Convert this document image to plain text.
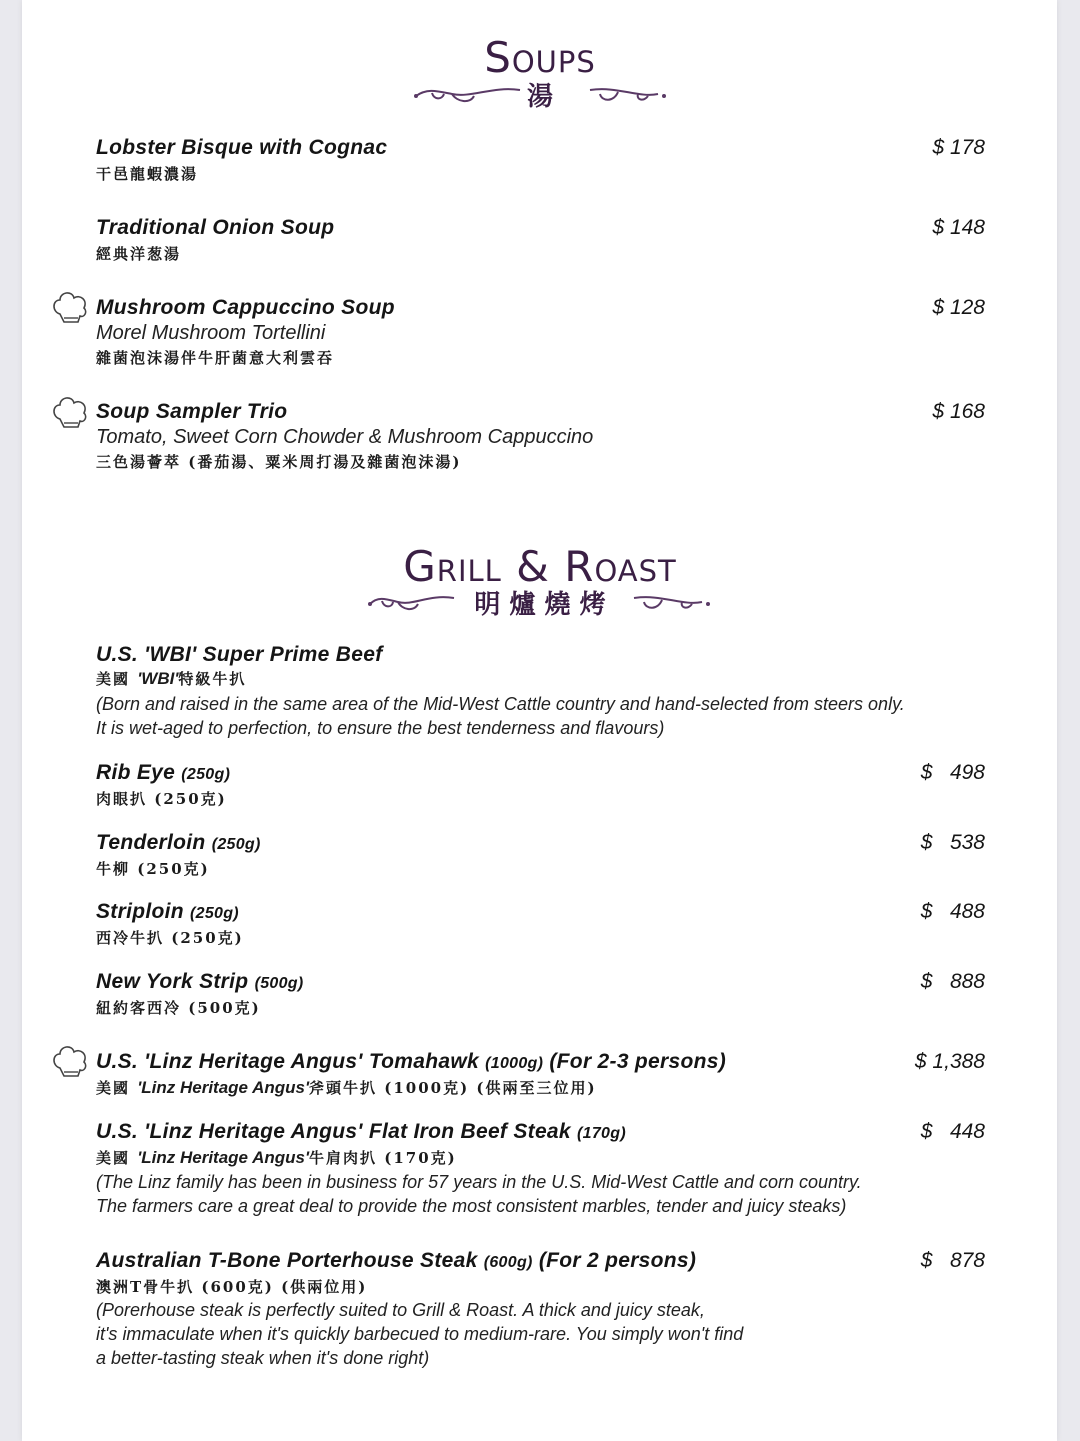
Soups
湯
Lobster Bisque with Cognac
干邑龍蝦濃湯
$ 178
Traditional Onion Soup
經典洋葱湯
$ 148
Mushroom Cappuccino Soup
Morel Mushroom Tortellini
雜菌泡沫湯伴牛肝菌意大利雲吞
$ 128
Soup Sampler Trio
Tomato, Sweet Corn Chowder & Mushroom Cappuccino
三色湯薈萃 (番茄湯、粟米周打湯及雜菌泡沫湯)
$ 168
Grill & Roast
明 爐 燒 烤
U.S. 'WBI' Super Prime Beef
美國 'WBI'特級牛扒
(Born and raised in the same area of the Mid-West Cattle country and hand-selected from steers only.
It is wet-aged to perfection, to ensure the best tenderness and flavours)
Rib Eye (250g)
肉眼扒 (250克)
$   498
Tenderloin (250g)
牛柳 (250克)
$   538
Striploin (250g)
西冷牛扒 (250克)
$   488
New York Strip (500g)
紐約客西冷 (500克)
$   888
U.S. 'Linz Heritage Angus' Tomahawk (1000g) (For 2-3 persons)
美國 'Linz Heritage Angus'斧頭牛扒 (1000克) (供兩至三位用)
$ 1,388
U.S. 'Linz Heritage Angus' Flat Iron Beef Steak (170g)
美國 'Linz Heritage Angus'牛肩肉扒 (170克)
(The Linz family has been in business for 57 years in the U.S. Mid-West Cattle and corn country.
The farmers care a great deal to provide the most consistent marbles, tender and juicy steaks)
$   448
Australian T-Bone Porterhouse Steak (600g) (For 2 persons)
澳洲T骨牛扒 (600克) (供兩位用)
(Porerhouse steak is perfectly suited to Grill & Roast. A thick and juicy steak,
it's immaculate when it's quickly barbecued to medium-rare. You simply won't find
a better-tasting steak when it's done right)
$   878
